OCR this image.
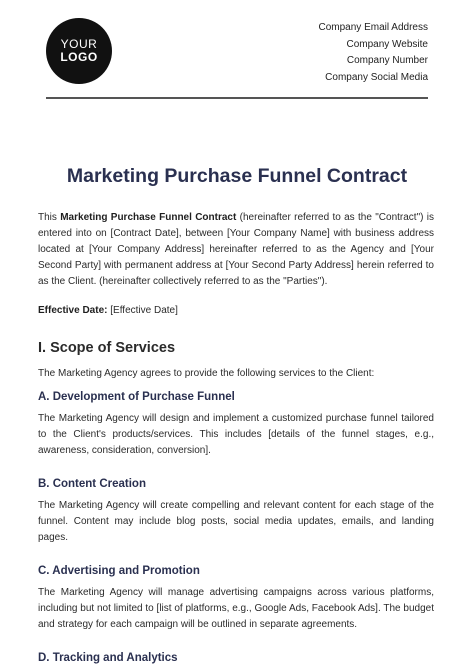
YOUR
LOGO
Company Email Address
Company Website
Company Number
Company Social Media
Marketing Purchase Funnel Contract

This Marketing Purchase Funnel Contract (hereinafter referred to as the "Contract") is entered into on [Contract Date], between [Your Company Name] with business address located at [Your Company Address] hereinafter referred to as the Agency and [Your Second Party] with permanent address at [Your Second Party Address] herein referred to as the Client. (hereinafter collectively referred to as the "Parties").

Effective Date: [Effective Date]

I. Scope of Services

The Marketing Agency agrees to provide the following services to the Client:

A. Development of Purchase Funnel

The Marketing Agency will design and implement a customized purchase funnel tailored to the Client's products/services. This includes [details of the funnel stages, e.g., awareness, consideration, conversion].

B. Content Creation

The Marketing Agency will create compelling and relevant content for each stage of the funnel. Content may include blog posts, social media updates, emails, and landing pages.

C. Advertising and Promotion

The Marketing Agency will manage advertising campaigns across various platforms, including but not limited to [list of platforms, e.g., Google Ads, Facebook Ads]. The budget and strategy for each campaign will be outlined in separate agreements.

D. Tracking and Analytics
